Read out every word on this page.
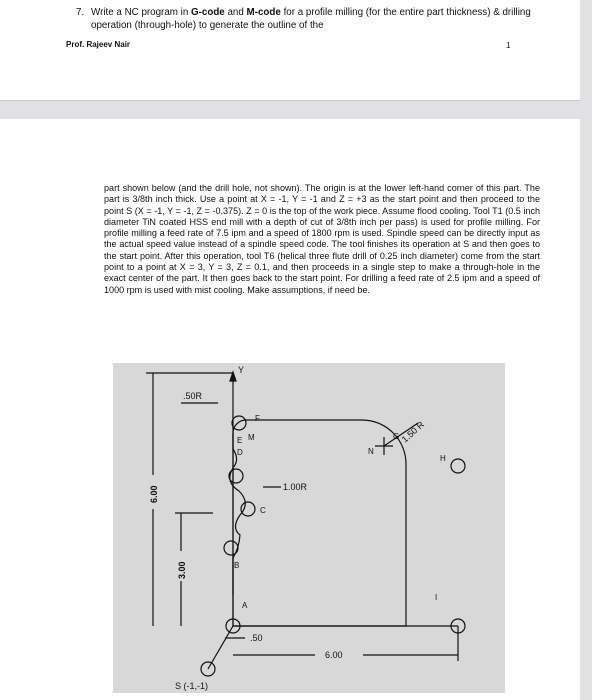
7. Write a NC program in G-code and M-code for a profile milling (for the entire part thickness) & drilling operation (through-hole) to generate the outline of the
Prof. Rajeev Nair	1

part shown below (and the drill hole, not shown). The origin is at the lower left-hand corner of this part. The part is 3/8th inch thick. Use a point at X = -1, Y = -1 and Z = +3 as the start point and then proceed to the point S (X = -1, Y = -1, Z = -0.375). Z = 0 is the top of the work piece. Assume flood cooling. Tool T1 (0.5 inch diameter TiN coated HSS end mill with a depth of cut of 3/8th inch per pass) is used for profile milling. For profile milling a feed rate of 7.5 ipm and a speed of 1800 rpm is used. Spindle speed can be directly input as the actual speed value instead of a spindle speed code. The tool finishes its operation at S and then goes to the start point. After this operation, tool T6 (helical three flute drill of 0.25 inch diameter) come from the start point to a point at X = 3, Y = 3, Z = 0.1, and then proceeds in a single step to make a through-hole in the exact center of the part. It then goes back to the start point. For drilling a feed rate of 2.5 ipm and a speed of 1000 rpm is used with mist cooling. Make assumptions, if need be.

Y
.50R
1.00R
1.50 R
6.00
3.00
.50
6.00
S (-1,-1)
A
B
C
D
E
F
G
H
I
M
N
